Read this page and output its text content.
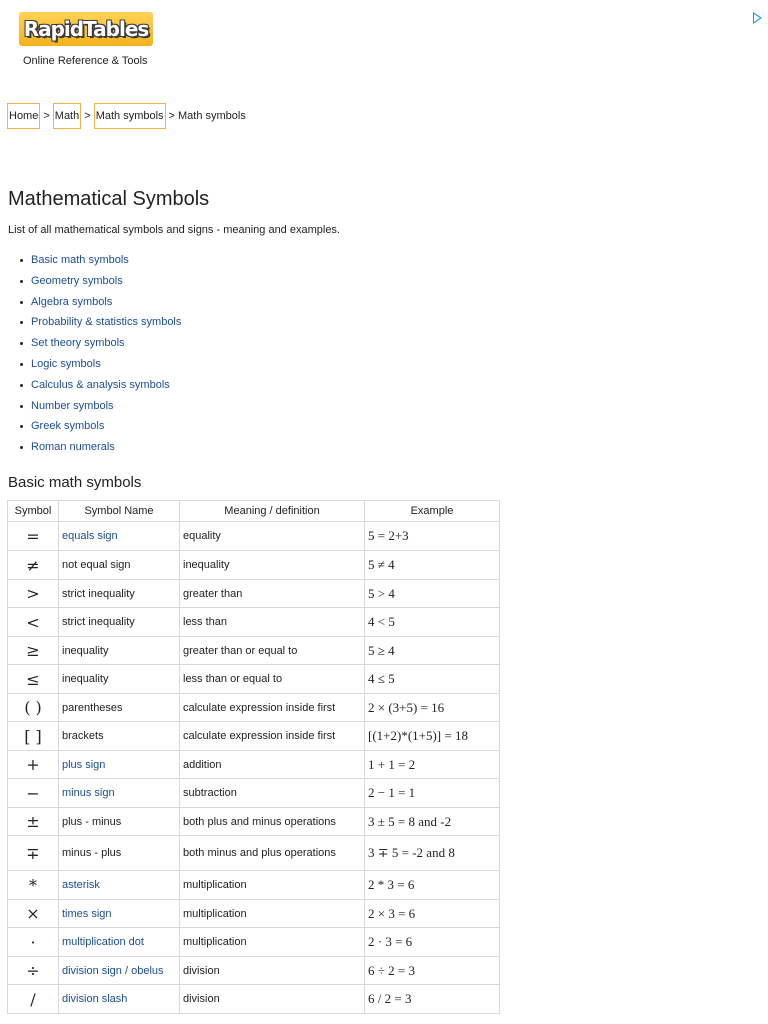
RapidTables
Online Reference & Tools
Home > Math > Math symbols > Math symbols
Mathematical Symbols

List of all mathematical symbols and signs - meaning and examples.

Basic math symbols
Geometry symbols
Algebra symbols
Probability & statistics symbols
Set theory symbols
Logic symbols
Calculus & analysis symbols
Number symbols
Greek symbols
Roman numerals
Basic math symbols
Symbol	Symbol Name	Meaning / definition	Example
=	equals sign	equality	5 = 2+3
≠	not equal sign	inequality	5 ≠ 4
>	strict inequality	greater than	5 > 4
<	strict inequality	less than	4 < 5
≥	inequality	greater than or equal to	5 ≥ 4
≤	inequality	less than or equal to	4 ≤ 5
( )	parentheses	calculate expression inside first	2 × (3+5) = 16
[ ]	brackets	calculate expression inside first	[(1+2)*(1+5)] = 18
+	plus sign	addition	1 + 1 = 2
−	minus sign	subtraction	2 − 1 = 1
±	plus - minus	both plus and minus operations	3 ± 5 = 8 and -2
∓	minus - plus	both minus and plus operations	3 ∓ 5 = -2 and 8
*	asterisk	multiplication	2 * 3 = 6
×	times sign	multiplication	2 × 3 = 6
·	multiplication dot	multiplication	2 · 3 = 6
÷	division sign / obelus	division	6 ÷ 2 = 3
/	division slash	division	6 / 2 = 3
